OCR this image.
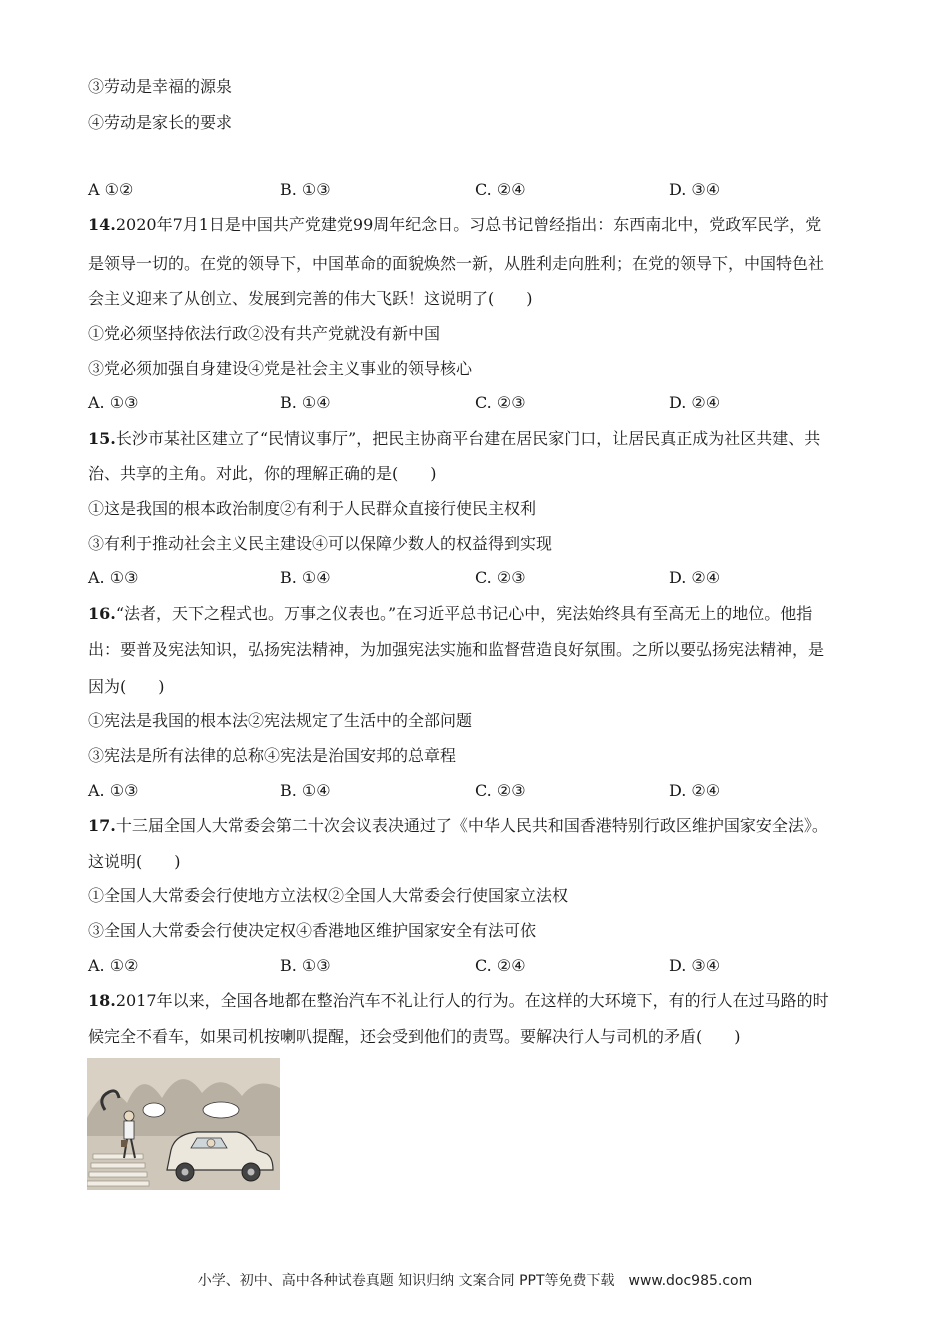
③劳动是幸福的源泉
④劳动是家长的要求
A ①②	B. ①③	C. ②④	D. ③④
14.2020年7月1日是中国共产党建党99周年纪念日。习总书记曾经指出：东西南北中，党政军民学，党
是领导一切的。在党的领导下，中国革命的面貌焕然一新，从胜利走向胜利；在党的领导下，中国特色社
会主义迎来了从创立、发展到完善的伟大飞跃！这说明了(　　)
①党必须坚持依法行政②没有共产党就没有新中国
③党必须加强自身建设④党是社会主义事业的领导核心
A. ①③	B. ①④	C. ②③	D. ②④
15.长沙市某社区建立了“民情议事厅”，把民主协商平台建在居民家门口，让居民真正成为社区共建、共
治、共享的主角。对此，你的理解正确的是(　　)
①这是我国的根本政治制度②有利于人民群众直接行使民主权利
③有利于推动社会主义民主建设④可以保障少数人的权益得到实现
A. ①③	B. ①④	C. ②③	D. ②④
16.“法者，天下之程式也。万事之仪表也。”在习近平总书记心中，宪法始终具有至高无上的地位。他指
出：要普及宪法知识，弘扬宪法精神，为加强宪法实施和监督营造良好氛围。之所以要弘扬宪法精神，是
因为(　　)
①宪法是我国的根本法②宪法规定了生活中的全部问题
③宪法是所有法律的总称④宪法是治国安邦的总章程
A. ①③	B. ①④	C. ②③	D. ②④
17.十三届全国人大常委会第二十次会议表决通过了《中华人民共和国香港特别行政区维护国家安全法》。
这说明(　　)
①全国人大常委会行使地方立法权②全国人大常委会行使国家立法权
③全国人大常委会行使决定权④香港地区维护国家安全有法可依
A. ①②	B. ①③	C. ②④	D. ③④
18.2017年以来，全国各地都在整治汽车不礼让行人的行为。在这样的大环境下，有的行人在过马路的时
候完全不看车，如果司机按喇叭提醒，还会受到他们的责骂。要解决行人与司机的矛盾(　　)
小学、初中、高中各种试卷真题 知识归纳 文案合同 PPT等免费下载　www.doc985.com
